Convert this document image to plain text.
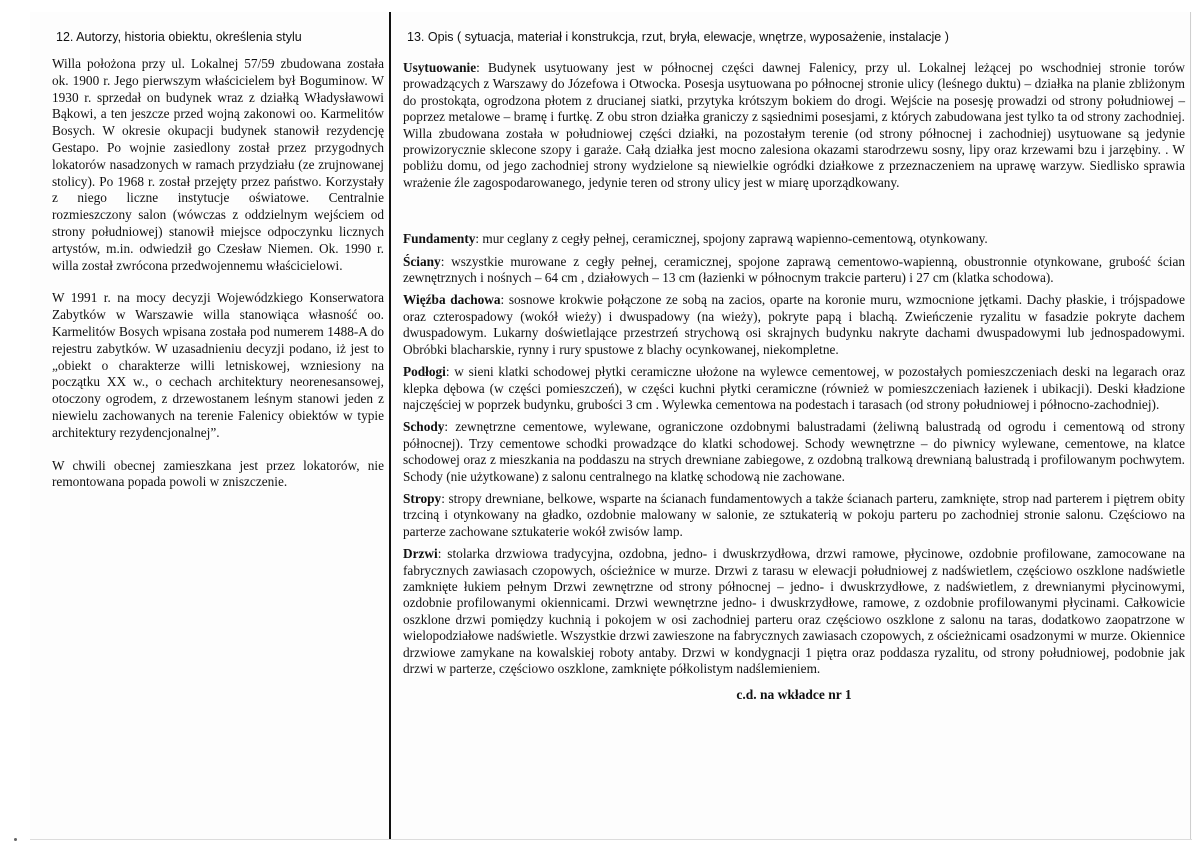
12. Autorzy, historia obiektu, określenia stylu	13. Opis ( sytuacja, materiał i konstrukcja, rzut, bryła, elewacje, wnętrze, wyposażenie, instalacje )

Willa położona przy ul. Lokalnej 57/59 zbudowana została ok. 1900 r. Jego pierwszym właścicielem był Boguminow. W 1930 r. sprzedał on budynek wraz z działką Władysławowi Bąkowi, a ten jeszcze przed wojną zakonowi oo. Karmelitów Bosych. W okresie okupacji budynek stanowił rezydencję Gestapo. Po wojnie zasiedlony został przez przygodnych lokatorów nasadzonych w ramach przydziału (ze zrujnowanej stolicy). Po 1968 r. został przejęty przez państwo. Korzystały z niego liczne instytucje oświatowe. Centralnie rozmieszczony salon (wówczas z oddzielnym wejściem od strony południowej) stanowił miejsce odpoczynku licznych artystów, m.in. odwiedził go Czesław Niemen. Ok. 1990 r. willa został zwrócona przedwojennemu właścicielowi.

W 1991 r. na mocy decyzji Wojewódzkiego Konserwatora Zabytków w Warszawie willa stanowiąca własność oo. Karmelitów Bosych wpisana została pod numerem 1488-A do rejestru zabytków. W uzasadnieniu decyzji podano, iż jest to „obiekt o charakterze willi letniskowej, wzniesiony na początku XX w., o cechach architektury neorenesansowej, otoczony ogrodem, z drzewostanem leśnym stanowi jeden z niewielu zachowanych na terenie Falenicy obiektów w typie architektury rezydencjonalnej”.

W chwili obecnej zamieszkana jest przez lokatorów, nie remontowana popada powoli w zniszczenie.

Usytuowanie: Budynek usytuowany jest w północnej części dawnej Falenicy, przy ul. Lokalnej leżącej po wschodniej stronie torów prowadzących z Warszawy do Józefowa i Otwocka. Posesja usytuowana po północnej stronie ulicy (leśnego duktu) – działka na planie zbliżonym do prostokąta, ogrodzona płotem z drucianej siatki, przytyka krótszym bokiem do drogi. Wejście na posesję prowadzi od strony południowej – poprzez metalowe – bramę i furtkę. Z obu stron działka graniczy z sąsiednimi posesjami, z których zabudowana jest tylko ta od strony zachodniej. Willa zbudowana została w południowej części działki, na pozostałym terenie (od strony północnej i zachodniej) usytuowane są jedynie prowizorycznie sklecone szopy i garaże. Całą działka jest mocno zalesiona okazami starodrzewu sosny, lipy oraz krzewami bzu i jarzębiny. . W pobliżu domu, od jego zachodniej strony wydzielone są niewielkie ogródki działkowe z przeznaczeniem na uprawę warzyw. Siedlisko sprawia wrażenie źle zagospodarowanego, jedynie teren od strony ulicy jest w miarę uporządkowany.

Fundamenty: mur ceglany z cegły pełnej, ceramicznej, spojony zaprawą wapienno-cementową, otynkowany.

Ściany: wszystkie murowane z cegły pełnej, ceramicznej, spojone zaprawą cementowo-wapienną, obustronnie otynkowane, grubość ścian zewnętrznych i nośnych – 64 cm , działowych – 13 cm (łazienki w północnym trakcie parteru) i 27 cm (klatka schodowa).

Więźba dachowa: sosnowe krokwie połączone ze sobą na zacios, oparte na koronie muru, wzmocnione jętkami. Dachy płaskie, i trójspadowe oraz czterospadowy (wokół wieży) i dwuspadowy (na wieży), pokryte papą i blachą. Zwieńczenie ryzalitu w fasadzie pokryte dachem dwuspadowym. Lukarny doświetlające przestrzeń strychową osi skrajnych budynku nakryte dachami dwuspadowymi lub jednospadowymi. Obróbki blacharskie, rynny i rury spustowe z blachy ocynkowanej, niekompletne.

Podłogi: w sieni klatki schodowej płytki ceramiczne ułożone na wylewce cementowej, w pozostałych pomieszczeniach deski na legarach oraz klepka dębowa (w części pomieszczeń), w części kuchni płytki ceramiczne (również w pomieszczeniach łazienek i ubikacji). Deski kładzione najczęściej w poprzek budynku, grubości 3 cm . Wylewka cementowa na podestach i tarasach (od strony południowej i północno-zachodniej).

Schody: zewnętrzne cementowe, wylewane, ograniczone ozdobnymi balustradami (żeliwną balustradą od ogrodu i cementową od strony północnej). Trzy cementowe schodki prowadzące do klatki schodowej. Schody wewnętrzne – do piwnicy wylewane, cementowe, na klatce schodowej oraz z mieszkania na poddaszu na strych drewniane zabiegowe, z ozdobną tralkową drewnianą balustradą i profilowanym pochwytem. Schody (nie użytkowane) z salonu centralnego na klatkę schodową nie zachowane.

Stropy: stropy drewniane, belkowe, wsparte na ścianach fundamentowych a także ścianach parteru, zamknięte, strop nad parterem i piętrem obity trzciną i otynkowany na gładko, ozdobnie malowany w salonie, ze sztukaterią w pokoju parteru po zachodniej stronie salonu. Częściowo na parterze zachowane sztukaterie wokół zwisów lamp.

Drzwi: stolarka drzwiowa tradycyjna, ozdobna, jedno- i dwuskrzydłowa, drzwi ramowe, płycinowe, ozdobnie profilowane, zamocowane na fabrycznych zawiasach czopowych, ościeżnice w murze. Drzwi z tarasu w elewacji południowej z nadświetlem, częściowo oszklone nadświetle zamknięte łukiem pełnym Drzwi zewnętrzne od strony północnej – jedno- i dwuskrzydłowe, z nadświetlem, z drewnianymi płycinowymi, ozdobnie profilowanymi okiennicami. Drzwi wewnętrzne jedno- i dwuskrzydłowe, ramowe, z ozdobnie profilowanymi płycinami. Całkowicie oszklone drzwi pomiędzy kuchnią i pokojem w osi zachodniej parteru oraz częściowo oszklone z salonu na taras, dodatkowo zaopatrzone w wielopodziałowe nadświetle. Wszystkie drzwi zawieszone na fabrycznych zawiasach czopowych, z ościeżnicami osadzonymi w murze. Okiennice drzwiowe zamykane na kowalskiej roboty antaby. Drzwi w kondygnacji 1 piętra oraz poddasza ryzalitu, od strony południowej, podobnie jak drzwi w parterze, częściowo oszklone, zamknięte półkolistym nadślemieniem.

c.d. na wkładce nr 1
